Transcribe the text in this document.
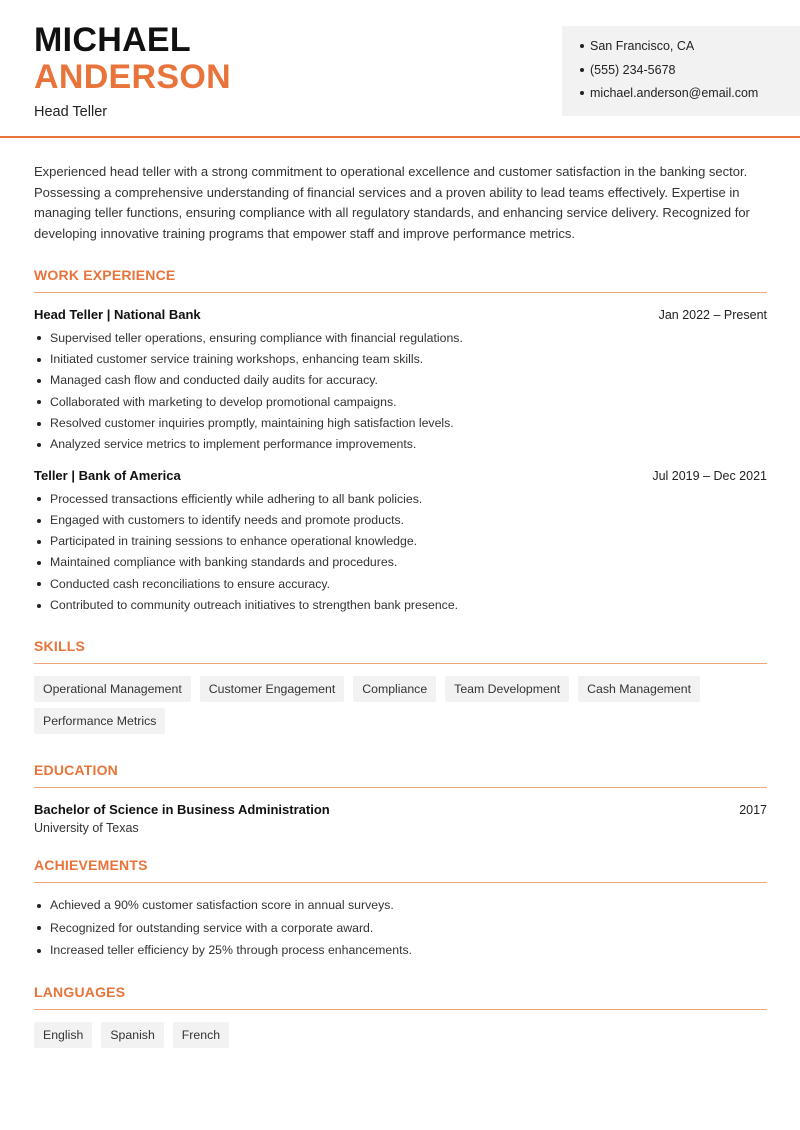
MICHAEL
ANDERSON
Head Teller
San Francisco, CA
(555) 234-5678
michael.anderson@email.com

Experienced head teller with a strong commitment to operational excellence and customer satisfaction in the banking sector. Possessing a comprehensive understanding of financial services and a proven ability to lead teams effectively. Expertise in managing teller functions, ensuring compliance with all regulatory standards, and enhancing service delivery. Recognized for developing innovative training programs that empower staff and improve performance metrics.

WORK EXPERIENCE
Head Teller | National Bank	Jan 2022 – Present
Supervised teller operations, ensuring compliance with financial regulations.
Initiated customer service training workshops, enhancing team skills.
Managed cash flow and conducted daily audits for accuracy.
Collaborated with marketing to develop promotional campaigns.
Resolved customer inquiries promptly, maintaining high satisfaction levels.
Analyzed service metrics to implement performance improvements.
Teller | Bank of America	Jul 2019 – Dec 2021
Processed transactions efficiently while adhering to all bank policies.
Engaged with customers to identify needs and promote products.
Participated in training sessions to enhance operational knowledge.
Maintained compliance with banking standards and procedures.
Conducted cash reconciliations to ensure accuracy.
Contributed to community outreach initiatives to strengthen bank presence.
SKILLS
Operational Management	Customer Engagement	Compliance	Team Development	Cash Management
Performance Metrics
EDUCATION
Bachelor of Science in Business Administration	2017
University of Texas
ACHIEVEMENTS
Achieved a 90% customer satisfaction score in annual surveys.
Recognized for outstanding service with a corporate award.
Increased teller efficiency by 25% through process enhancements.
LANGUAGES
English	Spanish	French
